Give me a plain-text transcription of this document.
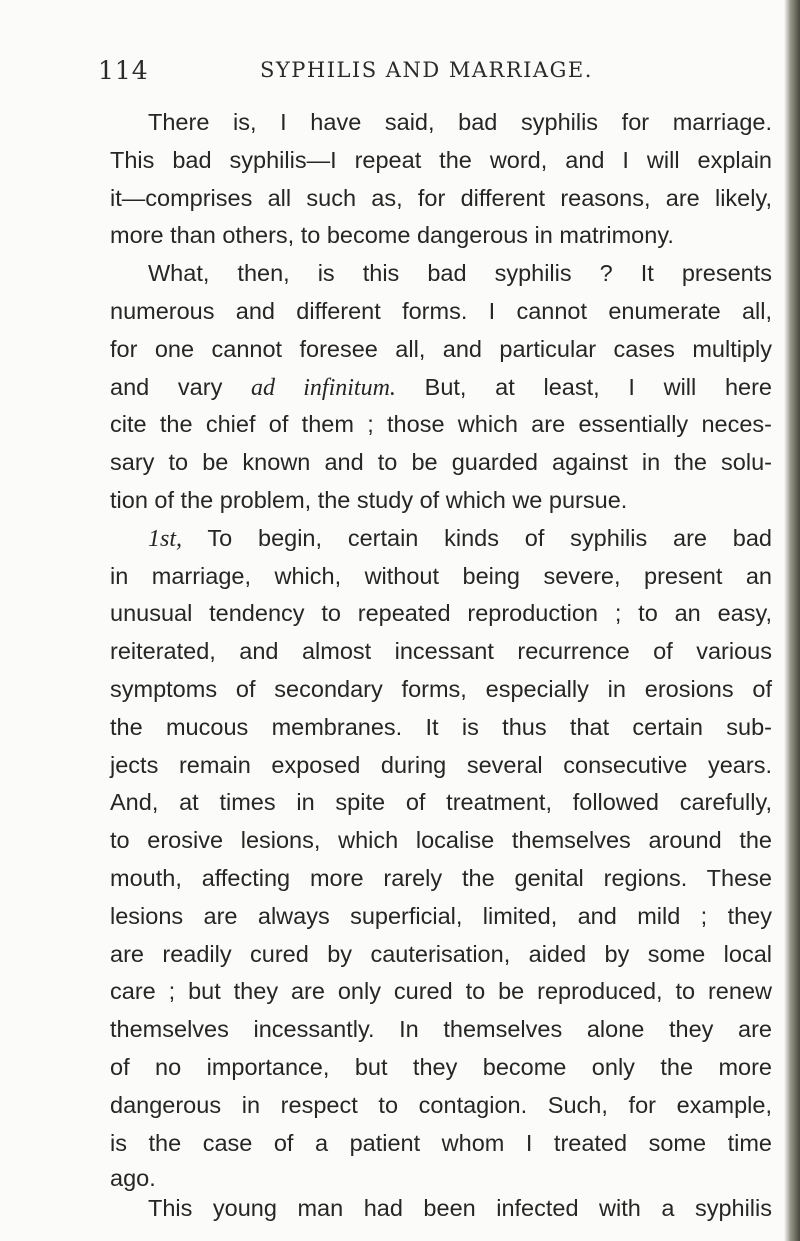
114	SYPHILIS AND MARRIAGE.
There is, I have said, bad syphilis for marriage.
This bad syphilis—I repeat the word, and I will explain
it—comprises all such as, for different reasons, are likely,
more than others, to become dangerous in matrimony.
What, then, is this bad syphilis ? It presents
numerous and different forms. I cannot enumerate all,
for one cannot foresee all, and particular cases multiply
and vary ad infinitum. But, at least, I will here
cite the chief of them ; those which are essentially neces-
sary to be known and to be guarded against in the solu-
tion of the problem, the study of which we pursue.
1st, To begin, certain kinds of syphilis are bad
in marriage, which, without being severe, present an
unusual tendency to repeated reproduction ; to an easy,
reiterated, and almost incessant recurrence of various
symptoms of secondary forms, especially in erosions of
the mucous membranes. It is thus that certain sub-
jects remain exposed during several consecutive years.
And, at times in spite of treatment, followed carefully,
to erosive lesions, which localise themselves around the
mouth, affecting more rarely the genital regions. These
lesions are always superficial, limited, and mild ; they
are readily cured by cauterisation, aided by some local
care ; but they are only cured to be reproduced, to renew
themselves incessantly. In themselves alone they are
of no importance, but they become only the more
dangerous in respect to contagion. Such, for example,
is the case of a patient whom I treated some time
ago.
This young man had been infected with a syphilis
